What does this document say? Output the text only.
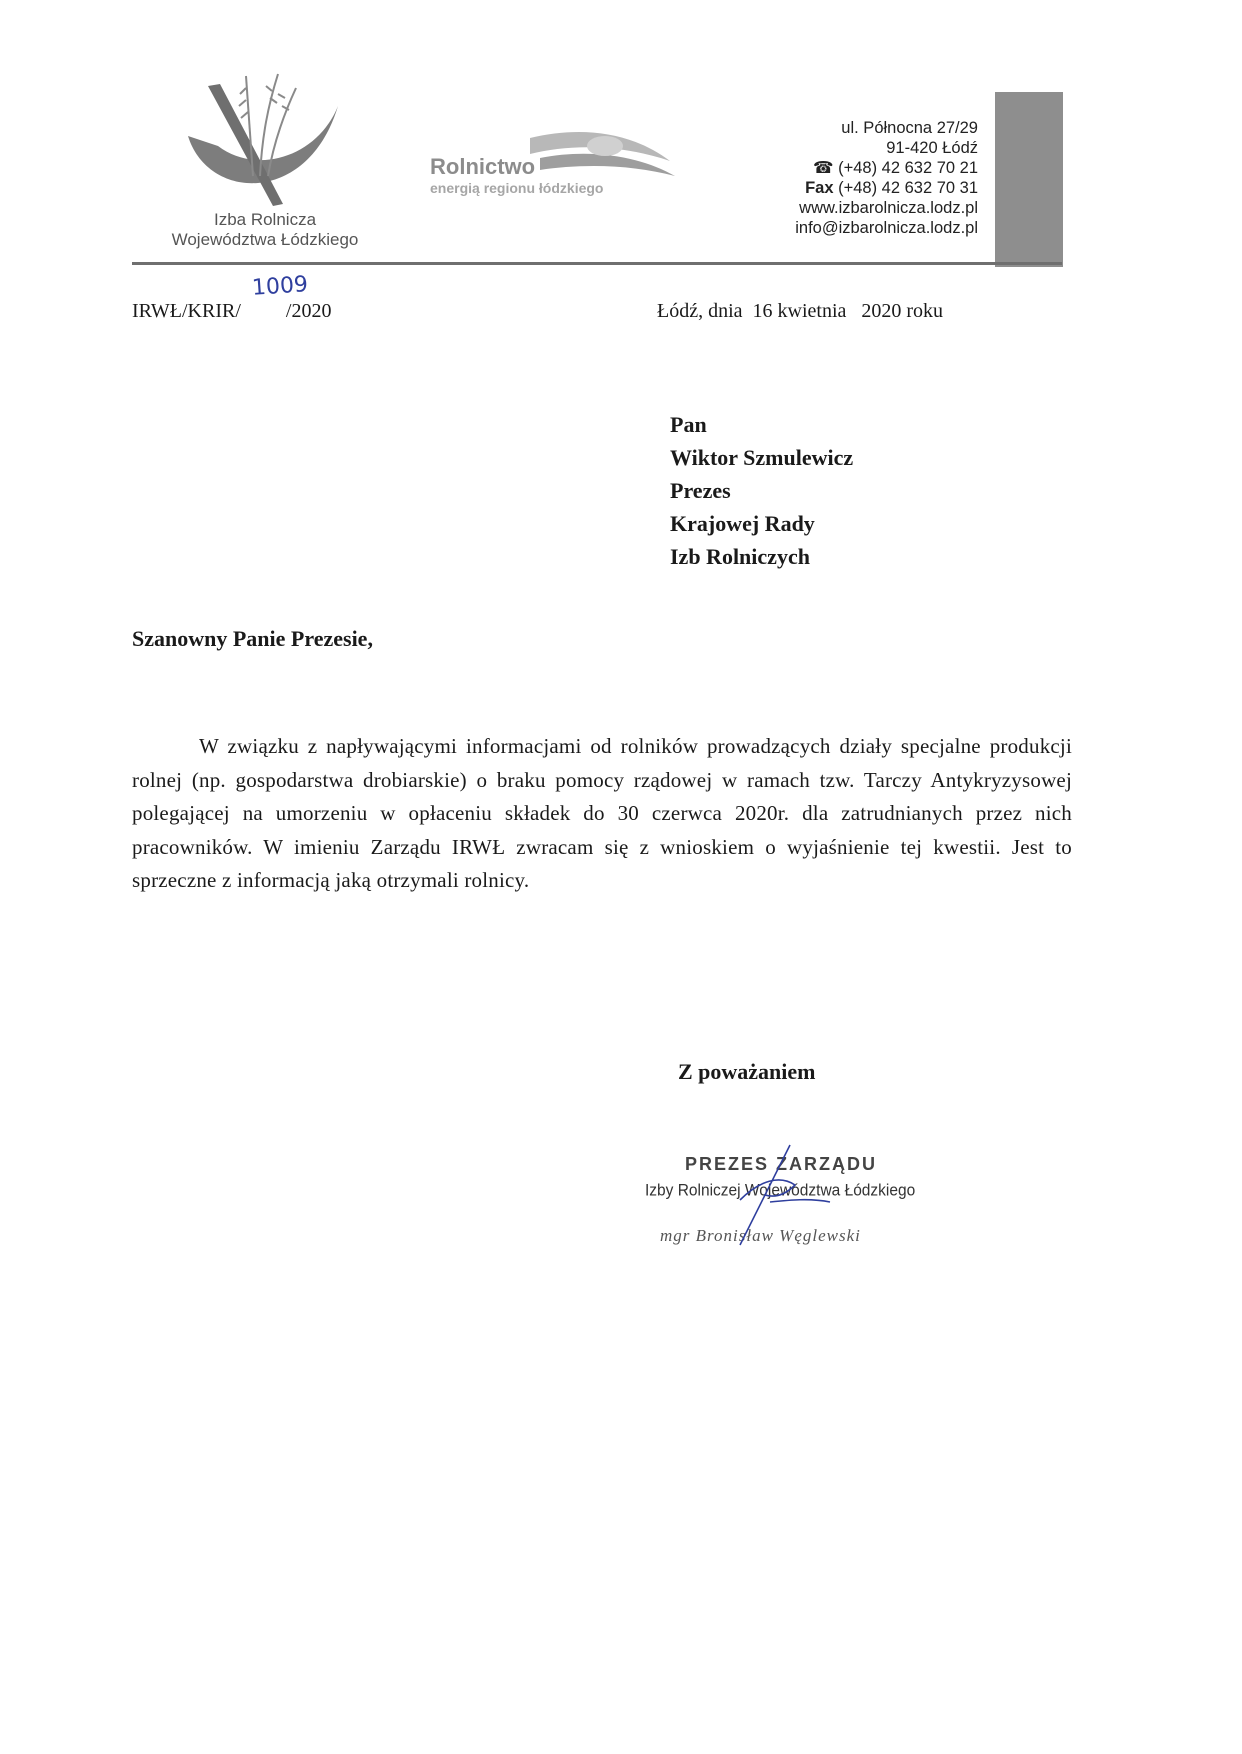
Izba Rolnicza
Województwa Łódzkiego
Rolnictwo
energią regionu łódzkiego
ul. Północna 27/29
91-420 Łódź
☎ (+48) 42 632 70 21
Fax (+48) 42 632 70 31
www.izbarolnicza.lodz.pl
info@izbarolnicza.lodz.pl
IRWŁ/KRIR/         /2020
1009
Łódź, dnia  16 kwietnia   2020 roku
Pan
Wiktor Szmulewicz
Prezes
Krajowej Rady
Izb Rolniczych
Szanowny Panie Prezesie,
W związku z napływającymi informacjami od rolników prowadzących działy specjalne produkcji rolnej (np. gospodarstwa drobiarskie) o braku pomocy rządowej w ramach tzw. Tarczy Antykryzysowej polegającej na umorzeniu w opłaceniu składek do 30 czerwca 2020r. dla zatrudnianych przez nich pracowników. W imieniu Zarządu IRWŁ zwracam się z wnioskiem o wyjaśnienie tej kwestii. Jest to sprzeczne z informacją jaką otrzymali rolnicy.
Z poważaniem
PREZES ZARZĄDU
Izby Rolniczej Województwa Łódzkiego
mgr Bronisław Węglewski
